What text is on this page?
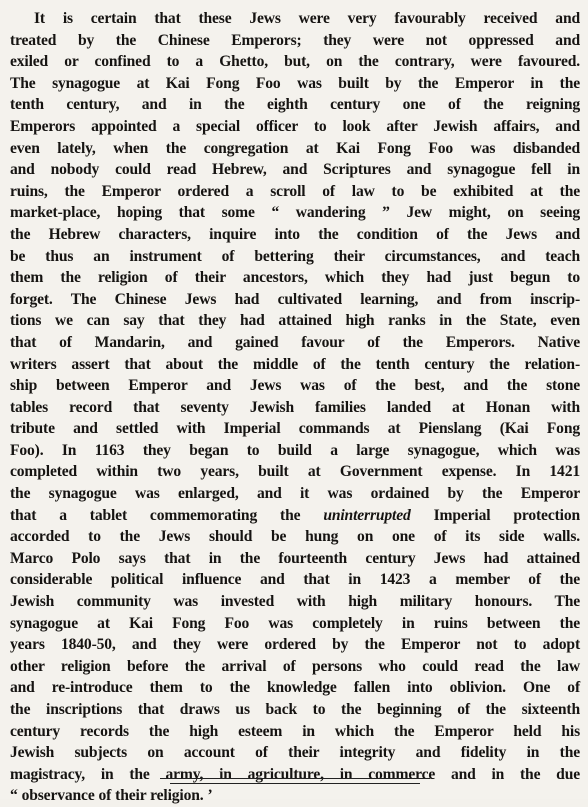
It is certain that these Jews were very favourably received and
treated by the Chinese Emperors; they were not oppressed and
exiled or confined to a Ghetto, but, on the contrary, were favoured.
The synagogue at Kai Fong Foo was built by the Emperor in the
tenth century, and in the eighth century one of the reigning
Emperors appointed a special officer to look after Jewish affairs, and
even lately, when the congregation at Kai Fong Foo was disbanded
and nobody could read Hebrew, and Scriptures and synagogue fell in
ruins, the Emperor ordered a scroll of law to be exhibited at the
market-place, hoping that some “ wandering ” Jew might, on seeing
the Hebrew characters, inquire into the condition of the Jews and
be thus an instrument of bettering their circumstances, and teach
them the religion of their ancestors, which they had just begun to
forget. The Chinese Jews had cultivated learning, and from inscrip-
tions we can say that they had attained high ranks in the State, even
that of Mandarin, and gained favour of the Emperors. Native
writers assert that about the middle of the tenth century the relation-
ship between Emperor and Jews was of the best, and the stone
tables record that seventy Jewish families landed at Honan with
tribute and settled with Imperial commands at Pienslang (Kai Fong
Foo). In 1163 they began to build a large synagogue, which was
completed within two years, built at Government expense. In 1421
the synagogue was enlarged, and it was ordained by the Emperor
that a tablet commemorating the uninterrupted Imperial protection
accorded to the Jews should be hung on one of its side walls.
Marco Polo says that in the fourteenth century Jews had attained
considerable political influence and that in 1423 a member of the
Jewish community was invested with high military honours. The
synagogue at Kai Fong Foo was completely in ruins between the
years 1840-50, and they were ordered by the Emperor not to adopt
other religion before the arrival of persons who could read the law
and re-introduce them to the knowledge fallen into oblivion. One of
the inscriptions that draws us back to the beginning of the sixteenth
century records the high esteem in which the Emperor held his
Jewish subjects on account of their integrity and fidelity in the
magistracy, in the army, in agriculture, in commerce and in the due
“ observance of their religion. ’
